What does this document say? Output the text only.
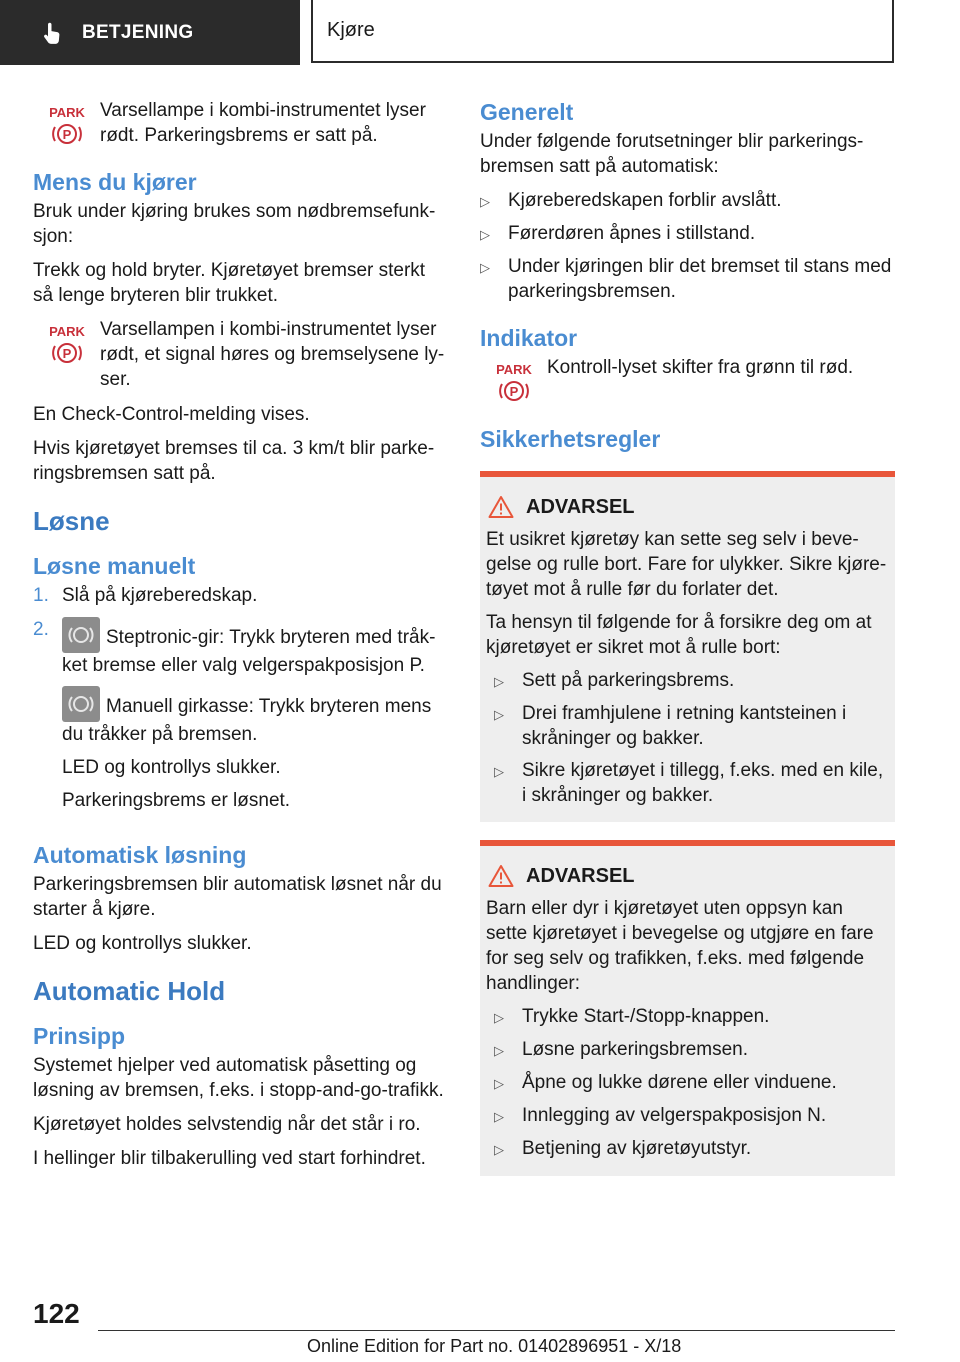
BETJENING	Kjøre
PARK
P

Varsellampe i kombi-instrumentet lyser rødt. Parkeringsbrems er satt på.

Mens du kjører

Bruk under kjøring brukes som nødbremsefunk-sjon:

Trekk og hold bryter. Kjøretøyet bremser sterkt så lenge bryteren blir trukket.

PARK
P

Varsellampen i kombi-instrumentet lyser rødt, et signal høres og bremselysene ly-ser.

En Check-Control-melding vises.

Hvis kjøretøyet bremses til ca. 3 km/t blir parke-ringsbremsen satt på.

Løsne
Løsne manuelt
1. Slå på kjøreberedskap.
2.	Steptronic-gir: Trykk bryteren med tråk-ket bremse eller valg velgerspakposisjon P.

Manuell girkasse: Trykk bryteren mens du tråkker på bremsen.

LED og kontrollys slukker.

Parkeringsbrems er løsnet.

Automatisk løsning

Parkeringsbremsen blir automatisk løsnet når du starter å kjøre.

LED og kontrollys slukker.

Automatic Hold
Prinsipp

Systemet hjelper ved automatisk påsetting og løsning av bremsen, f.eks. i stopp-and-go-trafikk.

Kjøretøyet holdes selvstendig når det står i ro.

I hellinger blir tilbakerulling ved start forhindret.

Generelt

Under følgende forutsetninger blir parkerings-bremsen satt på automatisk:

▷ Kjøreberedskapen forblir avslått.
▷ Førerdøren åpnes i stillstand.
▷ Under kjøringen blir det bremset til stans med parkeringsbremsen.
Indikator
PARK
P

Kontroll-lyset skifter fra grønn til rød.

Sikkerhetsregler
ADVARSEL

Et usikret kjøretøy kan sette seg selv i beve-gelse og rulle bort. Fare for ulykker. Sikre kjøre-tøyet mot å rulle før du forlater det.

Ta hensyn til følgende for å forsikre deg om at kjøretøyet er sikret mot å rulle bort:

▷ Sett på parkeringsbrems.
▷ Drei framhjulene i retning kantsteinen i skråninger og bakker.
▷ Sikre kjøretøyet i tillegg, f.eks. med en kile, i skråninger og bakker.
ADVARSEL

Barn eller dyr i kjøretøyet uten oppsyn kan sette kjøretøyet i bevegelse og utgjøre en fare for seg selv og trafikken, f.eks. med følgende handlinger:

▷ Trykke Start-/Stopp-knappen.
▷ Løsne parkeringsbremsen.
▷ Åpne og lukke dørene eller vinduene.
▷ Innlegging av velgerspakposisjon N.
▷ Betjening av kjøretøyutstyr.
122
Online Edition for Part no. 01402896951 - X/18
